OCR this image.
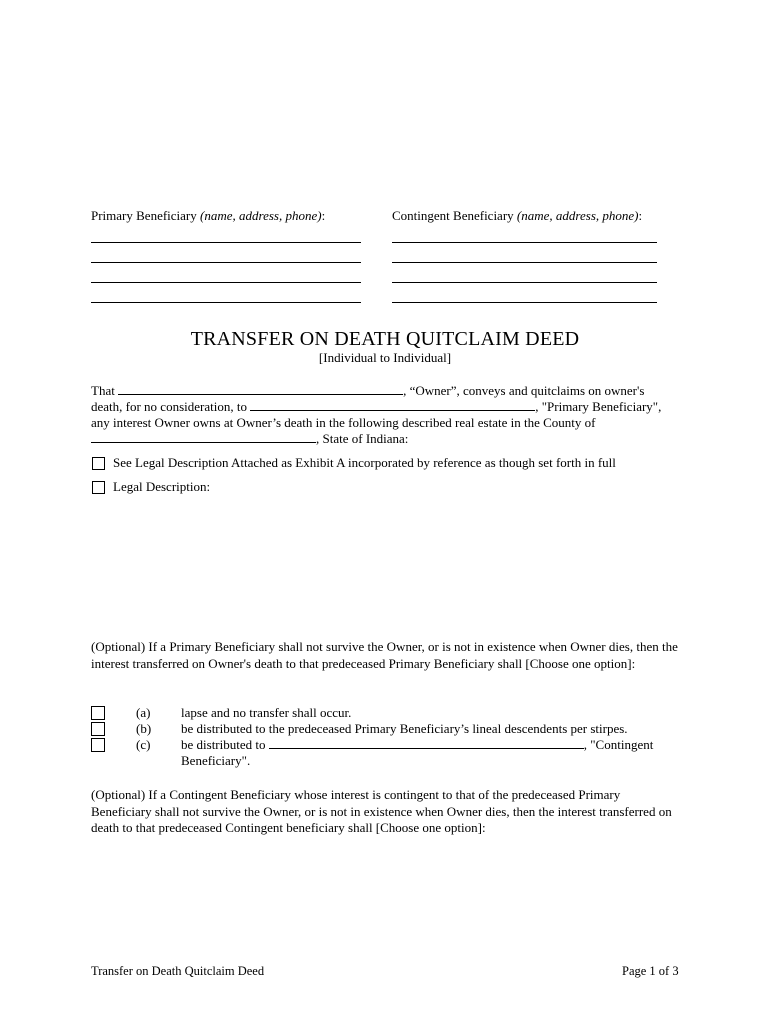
Primary Beneficiary (name, address, phone):	Contingent Beneficiary (name, address, phone):
TRANSFER ON DEATH QUITCLAIM DEED
[Individual to Individual]
That	, “Owner”, conveys and quitclaims on owner's
death, for no consideration, to	, "Primary Beneficiary",
any interest Owner owns at Owner’s death in the following described real estate in the County of
, State of Indiana:
See Legal Description Attached as Exhibit A incorporated by reference as though set forth in full
Legal Description:

(Optional) If a Primary Beneficiary shall not survive the Owner, or is not in existence when Owner dies, then the interest transferred on Owner's death to that predeceased Primary Beneficiary shall [Choose one option]:

(a) lapse and no transfer shall occur.
(b) be distributed to the predeceased Primary Beneficiary’s lineal descendents per stirpes.
(c) be distributed to	, "Contingent
Beneficiary".

(Optional) If a Contingent Beneficiary whose interest is contingent to that of the predeceased Primary Beneficiary shall not survive the Owner, or is not in existence when Owner dies, then the interest transferred on death to that predeceased Contingent beneficiary shall [Choose one option]:

Transfer on Death Quitclaim Deed	Page 1 of 3
